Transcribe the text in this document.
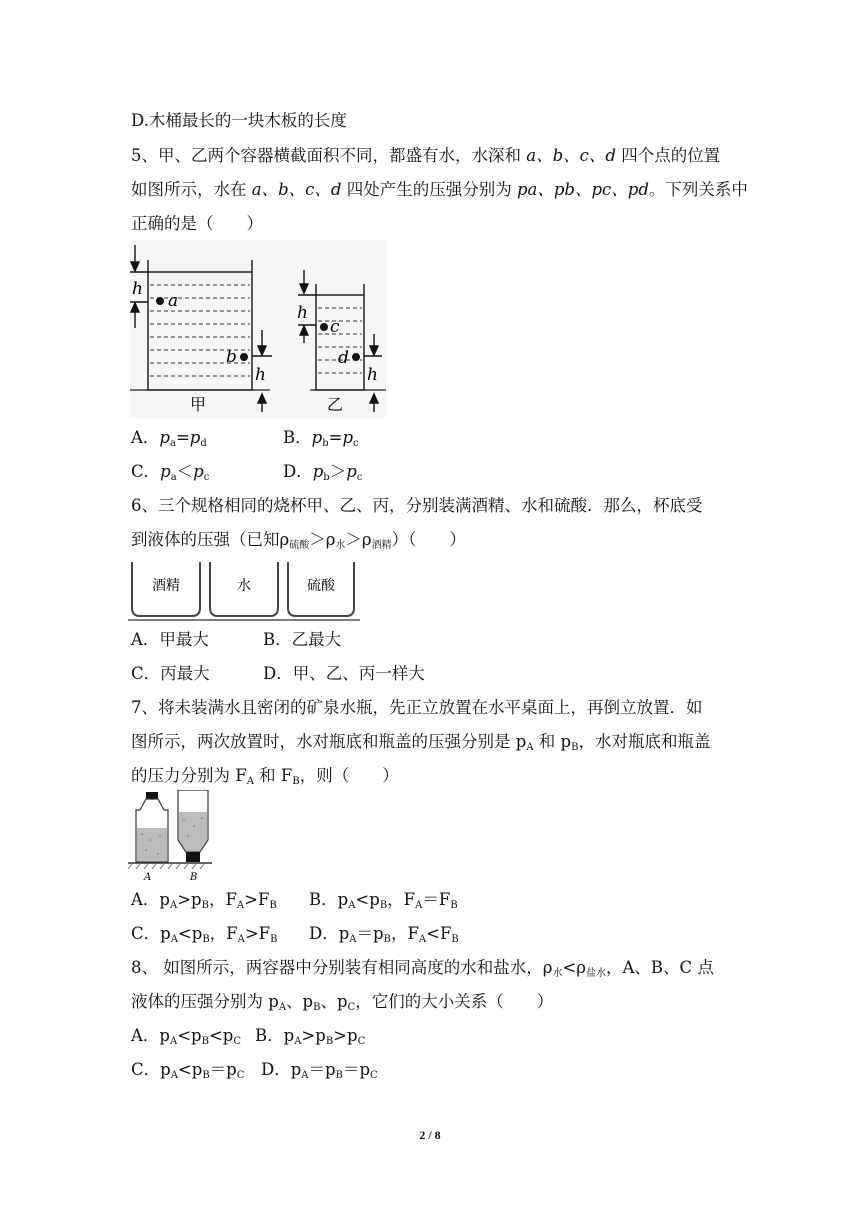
D.木桶最长的一块木板的长度
5、甲、乙两个容器横截面积不同，都盛有水，水深和 a、b、c、d 四个点的位置
如图所示，水在 a、b、c、d 四处产生的压强分别为 pa、pb、pc、pd。下列关系中
正确的是（　　）
h
a
b
h
甲
h
c
d
h
乙
A．$p_a=p_d$	B．$p_b=p_c$
C．$p_a<p_c$	D．$p_b>p_c$
6、三个规格相同的烧杯甲、乙、丙，分别装满酒精、水和硫酸．那么，杯底受
到液体的压强（已知$\rho_{硫酸}>\rho_水>\rho_{酒精}$）（　　）
酒精	水	硫酸
A．甲最大	B．乙最大
C．丙最大	D．甲、乙、丙一样大
7、将未装满水且密闭的矿泉水瓶，先正立放置在水平桌面上，再倒立放置．如
图所示，两次放置时，水对瓶底和瓶盖的压强分别是 $p_A$ 和 $p_B$，水对瓶底和瓶盖
的压力分别为 $F_A$ 和 $F_B$，则（　　）
A	B
A．$p_A>p_B$，$F_A>F_B$ B．$p_A<p_B$，$F_A=F_B$
C．$p_A<p_B$，$F_A>F_B$ D．$p_A=p_B$，$F_A<F_B$
8、 如图所示，两容器中分别装有相同高度的水和盐水，$\rho_水<\rho_{盐水}$，A、B、C 点
液体的压强分别为 $p_A$、$p_B$、$p_C$，它们的大小关系（　　）
A．$p_A<p_B<p_C$ B．$p_A>p_B>p_C$
C．$p_A<p_B=p_C$ D．$p_A=p_B=p_C$
2 / 8
